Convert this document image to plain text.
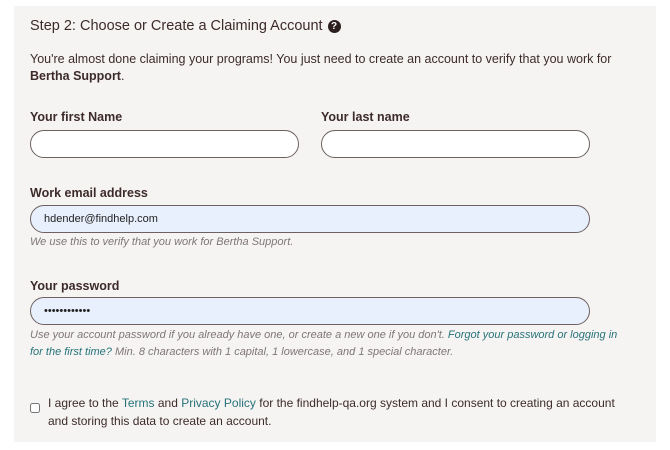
Step 2: Choose or Create a Claiming Account ?
You're almost done claiming your programs! You just need to create an account to verify that you work for Bertha Support.
Your first Name	Your last name
Work email address
hdender@findhelp.com
We use this to verify that you work for Bertha Support.
Your password
••••••••••••
Use your account password if you already have one, or create a new one if you don't. Forgot your password or logging in for the first time? Min. 8 characters with 1 capital, 1 lowercase, and 1 special character.
I agree to the Terms and Privacy Policy for the findhelp-qa.org system and I consent to creating an account and storing this data to create an account.
